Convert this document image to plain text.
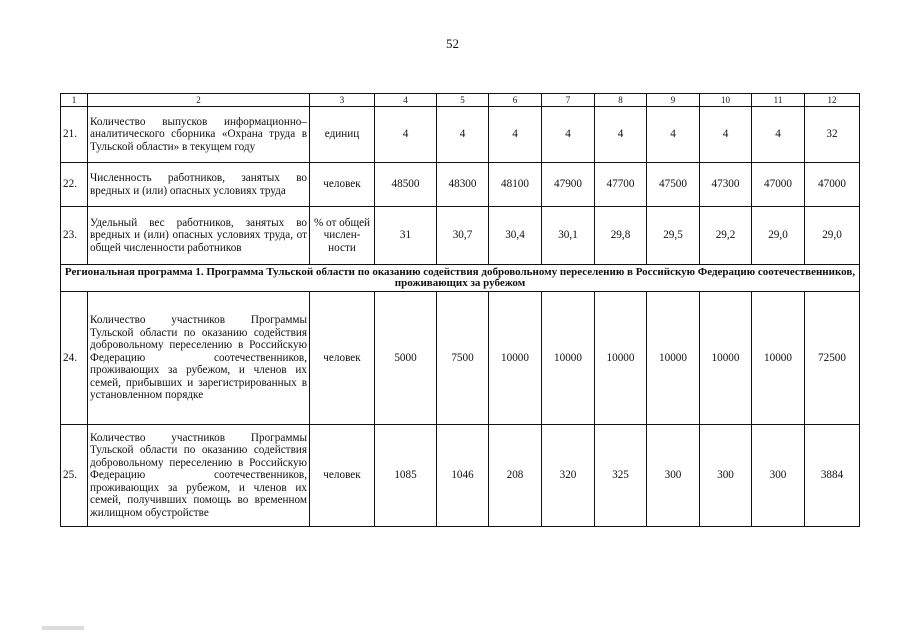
52
1	2	3	4	5	6	7	8	9	10	11	12
21.	Количество выпусков информационно–аналитического сборника «Охрана труда в Тульской области» в текущем году	единиц	4	4	4	4	4	4	4	4	32
22.	Численность работников, занятых во вредных и (или) опасных условиях труда	человек	48500	48300	48100	47900	47700	47500	47300	47000	47000
23.	Удельный вес работников, занятых во вредных и (или) опасных условиях труда, от общей численности работников	% от общей числен-ности	31	30,7	30,4	30,1	29,8	29,5	29,2	29,0	29,0
Региональная программа 1. Программа Тульской области по оказанию содействия добровольному переселению в Российскую Федерацию соотечественников, проживающих за рубежом											
24.	Количество участников Программы Тульской области по оказанию содействия добровольному переселению в Российскую Федерацию соотечественников, проживающих за рубежом, и членов их семей, прибывших и зарегистрированных в установленном порядке	человек	5000	7500	10000	10000	10000	10000	10000	10000	72500
25.	Количество участников Программы Тульской области по оказанию содействия добровольному переселению в Российскую Федерацию соотечественников, проживающих за рубежом, и членов их семей, получивших помощь во временном жилищном обустройстве	человек	1085	1046	208	320	325	300	300	300	3884
